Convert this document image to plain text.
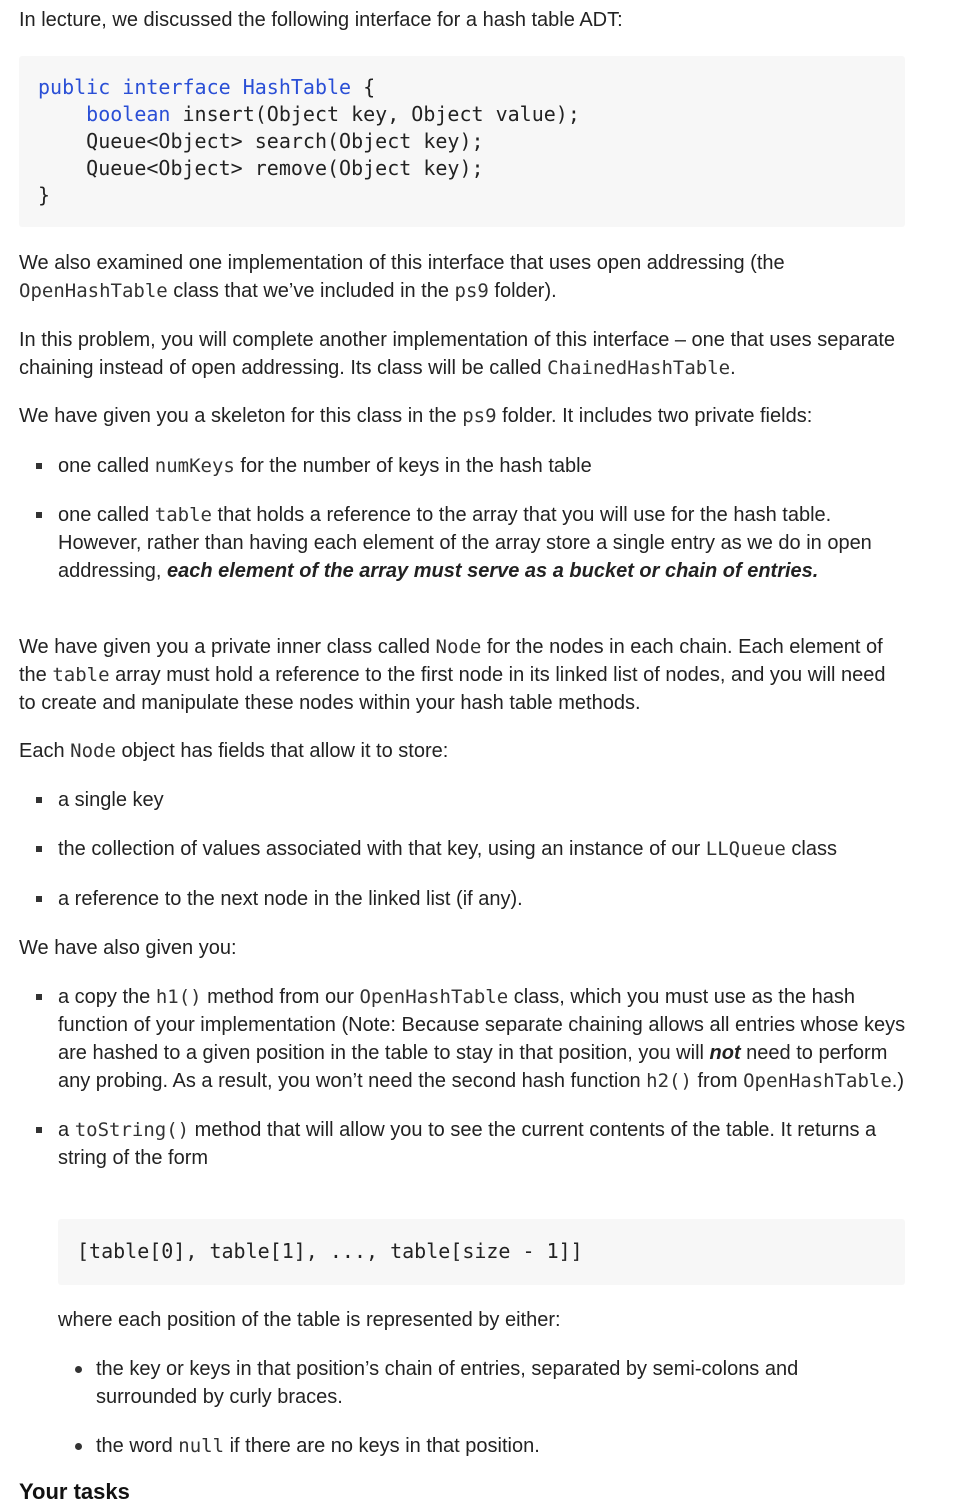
In lecture, we discussed the following interface for a hash table ADT:

public interface HashTable {
boolean insert(Object key, Object value);
Queue<Object> search(Object key);
Queue<Object> remove(Object key);
}

We also examined one implementation of this interface that uses open addressing (the
OpenHashTable class that we’ve included in the ps9 folder).

In this problem, you will complete another implementation of this interface – one that uses separate chaining instead of open addressing. Its class will be called ChainedHashTable.

We have given you a skeleton for this class in the ps9 folder. It includes two private fields:

one called numKeys for the number of keys in the hash table
one called table that holds a reference to the array that you will use for the hash table. However, rather than having each element of the array store a single entry as we do in open addressing, each element of the array must serve as a bucket or chain of entries.

We have given you a private inner class called Node for the nodes in each chain. Each element of the table array must hold a reference to the first node in its linked list of nodes, and you will need to create and manipulate these nodes within your hash table methods.

Each Node object has fields that allow it to store:

a single key
the collection of values associated with that key, using an instance of our LLQueue class
a reference to the next node in the linked list (if any).

We have also given you:

a copy the h1() method from our OpenHashTable class, which you must use as the hash function of your implementation (Note: Because separate chaining allows all entries whose keys are hashed to a given position in the table to stay in that position, you will not need to perform any probing. As a result, you won’t need the second hash function h2() from OpenHashTable.)
a toString() method that will allow you to see the current contents of the table. It returns a string of the form
[table[0], table[1], ..., table[size - 1]]

where each position of the table is represented by either:

the key or keys in that position’s chain of entries, separated by semi-colons and surrounded by curly braces.
the word null if there are no keys in that position.
Your tasks
